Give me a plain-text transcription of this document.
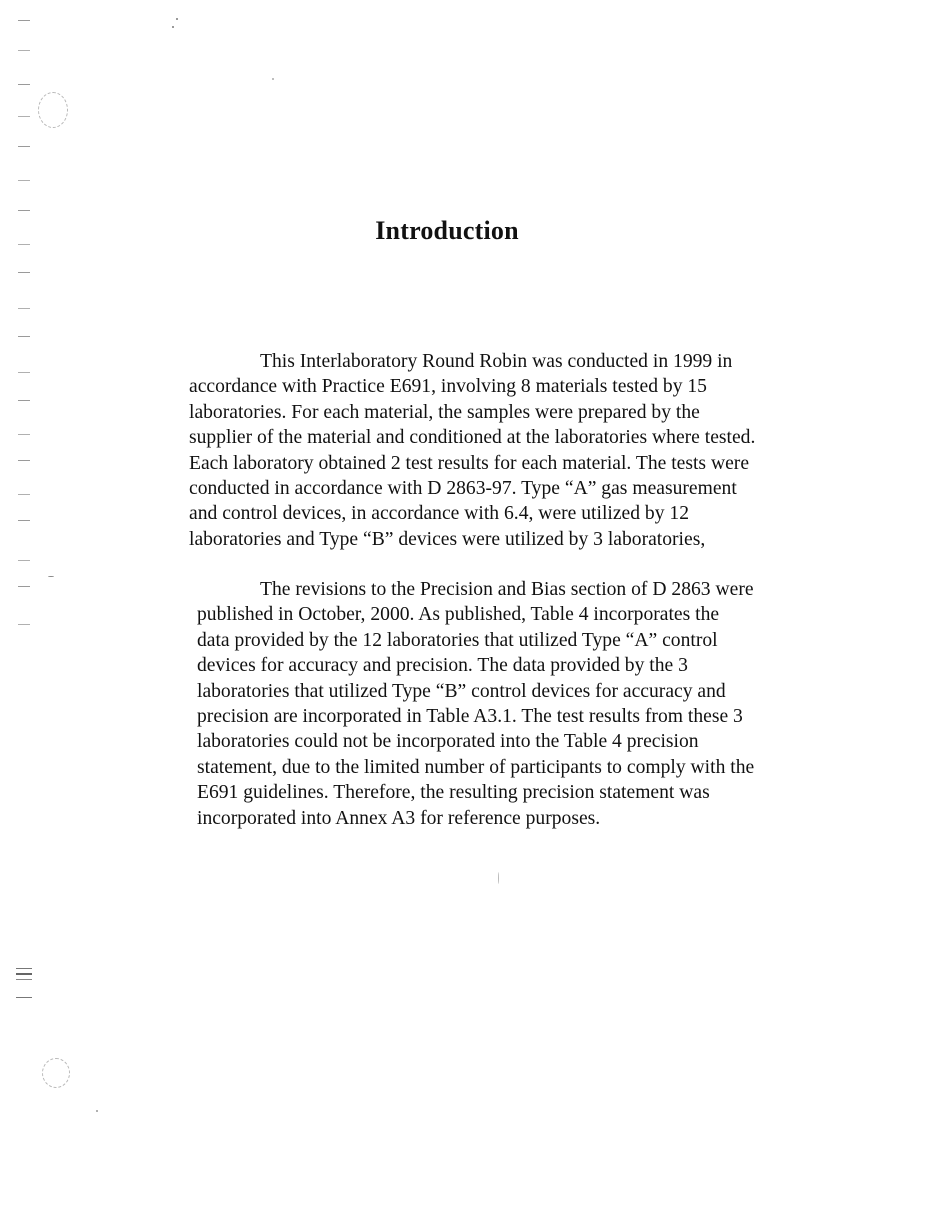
Introduction

This Interlaboratory Round Robin was conducted in 1999 in
accordance with Practice E691, involving 8 materials tested by 15
laboratories. For each material, the samples were prepared by the
supplier of the material and conditioned at the laboratories where tested.
Each laboratory obtained 2 test results for each material. The tests were
conducted in accordance with D 2863-97. Type “A” gas measurement
and control devices, in accordance with 6.4, were utilized by 12
laboratories and Type “B” devices were utilized by 3 laboratories,

The revisions to the Precision and Bias section of D 2863 were
published in October, 2000. As published, Table 4 incorporates the
data provided by the 12 laboratories that utilized Type “A” control
devices for accuracy and precision. The data provided by the 3
laboratories that utilized Type “B” control devices for accuracy and
precision are incorporated in Table A3.1. The test results from these 3
laboratories could not be incorporated into the Table 4 precision
statement, due to the limited number of participants to comply with the
E691 guidelines. Therefore, the resulting precision statement was
incorporated into Annex A3 for reference purposes.
